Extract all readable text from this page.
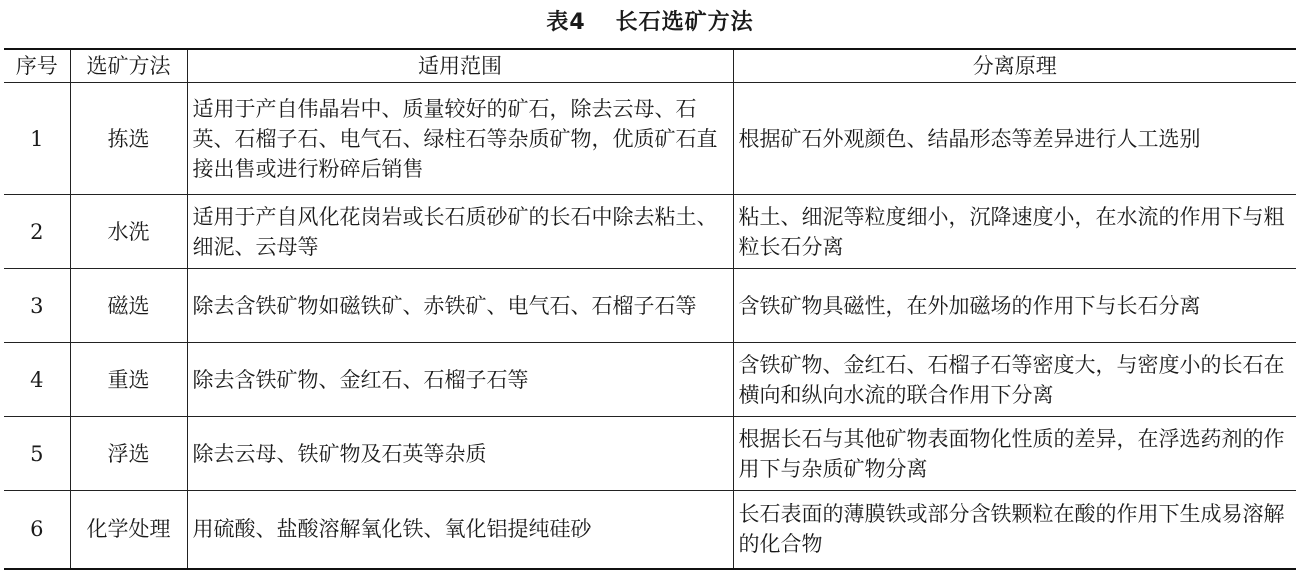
表4 长石选矿方法
序号	选矿方法	适用范围	分离原理
1	拣选	适用于产自伟晶岩中、质量较好的矿石，除去云母、石英、石榴子石、电气石、绿柱石等杂质矿物，优质矿石直接出售或进行粉碎后销售	根据矿石外观颜色、结晶形态等差异进行人工选别
2	水洗	适用于产自风化花岗岩或长石质砂矿的长石中除去粘土、细泥、云母等	粘土、细泥等粒度细小，沉降速度小，在水流的作用下与粗粒长石分离
3	磁选	除去含铁矿物如磁铁矿、赤铁矿、电气石、石榴子石等	含铁矿物具磁性，在外加磁场的作用下与长石分离
4	重选	除去含铁矿物、金红石、石榴子石等	含铁矿物、金红石、石榴子石等密度大，与密度小的长石在横向和纵向水流的联合作用下分离
5	浮选	除去云母、铁矿物及石英等杂质	根据长石与其他矿物表面物化性质的差异，在浮选药剂的作用下与杂质矿物分离
6	化学处理	用硫酸、盐酸溶解氧化铁、氧化铝提纯硅砂	长石表面的薄膜铁或部分含铁颗粒在酸的作用下生成易溶解的化合物
